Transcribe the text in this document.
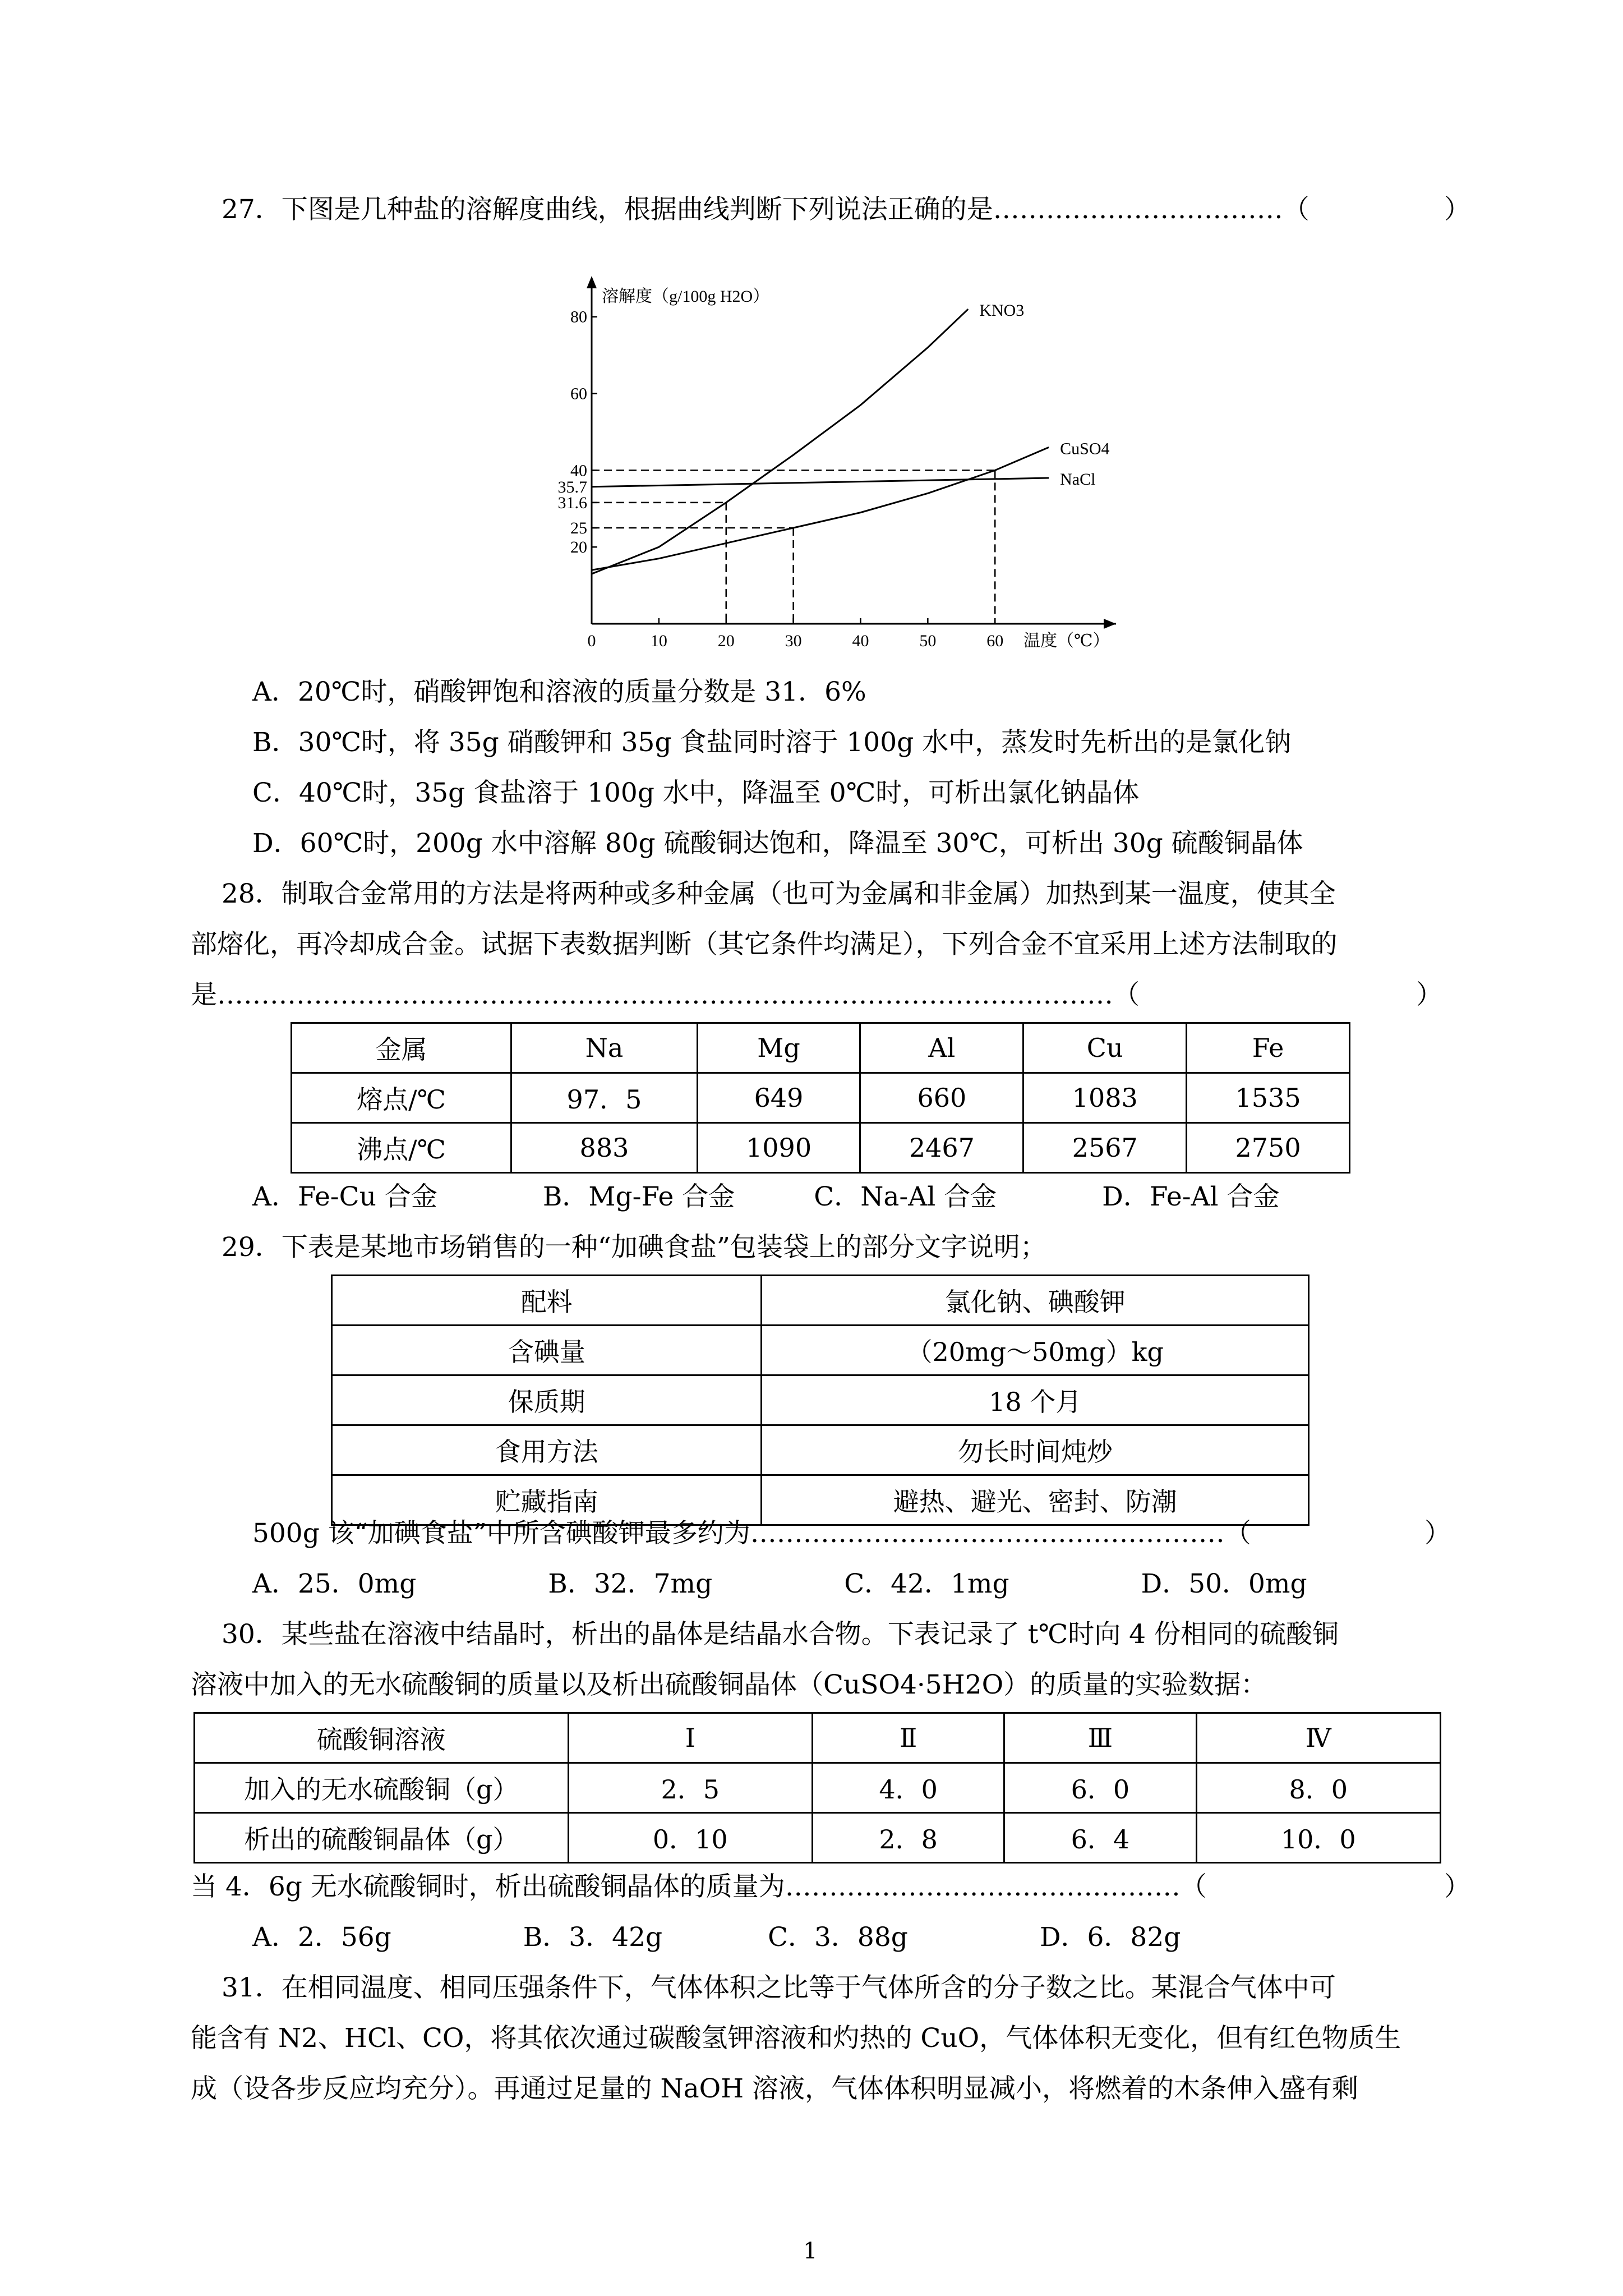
27．下图是几种盐的溶解度曲线，根据曲线判断下列说法正确的是……………………………（	）
0	10	20	30	40	50	60
80
60
40
35.7
31.6
25
20
KNO3
CuSO4
NaCl
溶解度（g/100g H2O）
温度（℃）
A．20℃时，硝酸钾饱和溶液的质量分数是 31．6%
B．30℃时，将 35g 硝酸钾和 35g 食盐同时溶于 100g 水中，蒸发时先析出的是氯化钠
C．40℃时，35g 食盐溶于 100g 水中，降温至 0℃时，可析出氯化钠晶体
D．60℃时，200g 水中溶解 80g 硫酸铜达饱和，降温至 30℃，可析出 30g 硫酸铜晶体
28．制取合金常用的方法是将两种或多种金属（也可为金属和非金属）加热到某一温度，使其全
部熔化，再冷却成合金。试据下表数据判断（其它条件均满足），下列合金不宜采用上述方法制取的
是…………………………………………………………………………………………（	）
金属	Na	Mg	Al	Cu	Fe
熔点/℃	97．5	649	660	1083	1535
沸点/℃	883	1090	2467	2567	2750
A．Fe-Cu 合金　　　　B．Mg-Fe 合金　　　C．Na-Al 合金　　　　D．Fe-Al 合金
29．下表是某地市场销售的一种“加碘食盐”包装袋上的部分文字说明；
配料	氯化钠、碘酸钾
含碘量	（20mg～50mg）kg
保质期	18 个月
食用方法	勿长时间炖炒
贮藏指南	避热、避光、密封、防潮
500g 该“加碘食盐”中所含碘酸钾最多约为………………………………………………（	）
A．25．0mg　　　　　B．32．7mg　　　　　C．42．1mg　　　　　D．50．0mg
30．某些盐在溶液中结晶时，析出的晶体是结晶水合物。下表记录了 t℃时向 4 份相同的硫酸铜
溶液中加入的无水硫酸铜的质量以及析出硫酸铜晶体（CuSO4·5H2O）的质量的实验数据：
硫酸铜溶液	Ⅰ	Ⅱ	Ⅲ	Ⅳ
加入的无水硫酸铜（g）	2．5	4．0	6．0	8．0
析出的硫酸铜晶体（g）	0．10	2．8	6．4	10．0
当 4．6g 无水硫酸铜时，析出硫酸铜晶体的质量为………………………………………（	）
A．2．56g　　　　　B．3．42g　　　　C．3．88g　　　　　D．6．82g
31．在相同温度、相同压强条件下，气体体积之比等于气体所含的分子数之比。某混合气体中可
能含有 N2、HCl、CO，将其依次通过碳酸氢钾溶液和灼热的 CuO，气体体积无变化，但有红色物质生
成（设各步反应均充分）。再通过足量的 NaOH 溶液，气体体积明显减小，将燃着的木条伸入盛有剩
1
